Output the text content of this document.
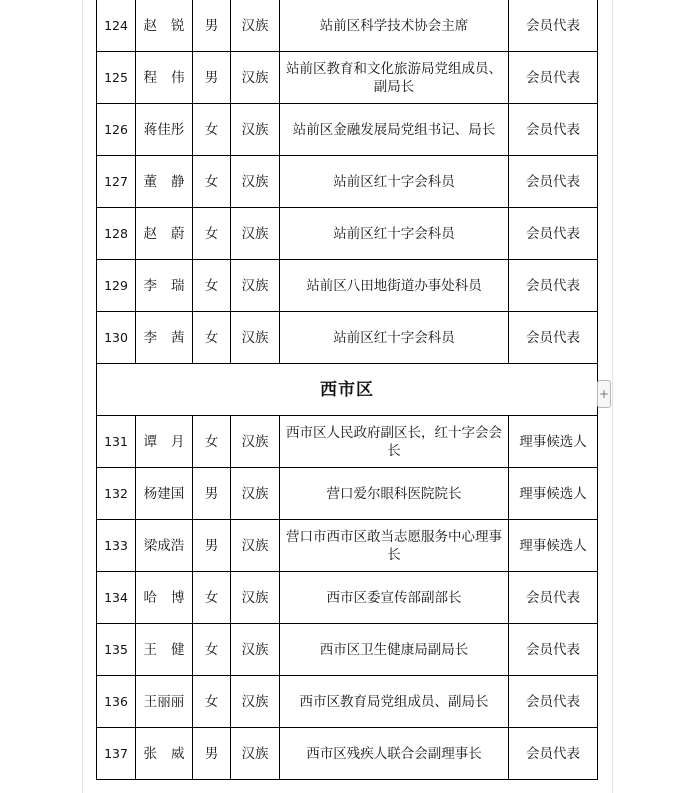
124	赵 锐	男	汉族	站前区科学技术协会主席	会员代表
125	程 伟	男	汉族	站前区教育和文化旅游局党组成员、副局长	会员代表
126	蒋佳彤	女	汉族	站前区金融发展局党组书记、局长	会员代表
127	董 静	女	汉族	站前区红十字会科员	会员代表
128	赵 蔚	女	汉族	站前区红十字会科员	会员代表
129	李 瑞	女	汉族	站前区八田地街道办事处科员	会员代表
130	李 茜	女	汉族	站前区红十字会科员	会员代表
西市区					
131	谭 月	女	汉族	西市区人民政府副区长，红十字会会长	理事候选人
132	杨建国	男	汉族	营口爱尔眼科医院院长	理事候选人
133	梁成浩	男	汉族	营口市西市区敢当志愿服务中心理事长	理事候选人
134	哈 博	女	汉族	西市区委宣传部副部长	会员代表
135	王 健	女	汉族	西市区卫生健康局副局长	会员代表
136	王丽丽	女	汉族	西市区教育局党组成员、副局长	会员代表
137	张 威	男	汉族	西市区残疾人联合会副理事长	会员代表
+
